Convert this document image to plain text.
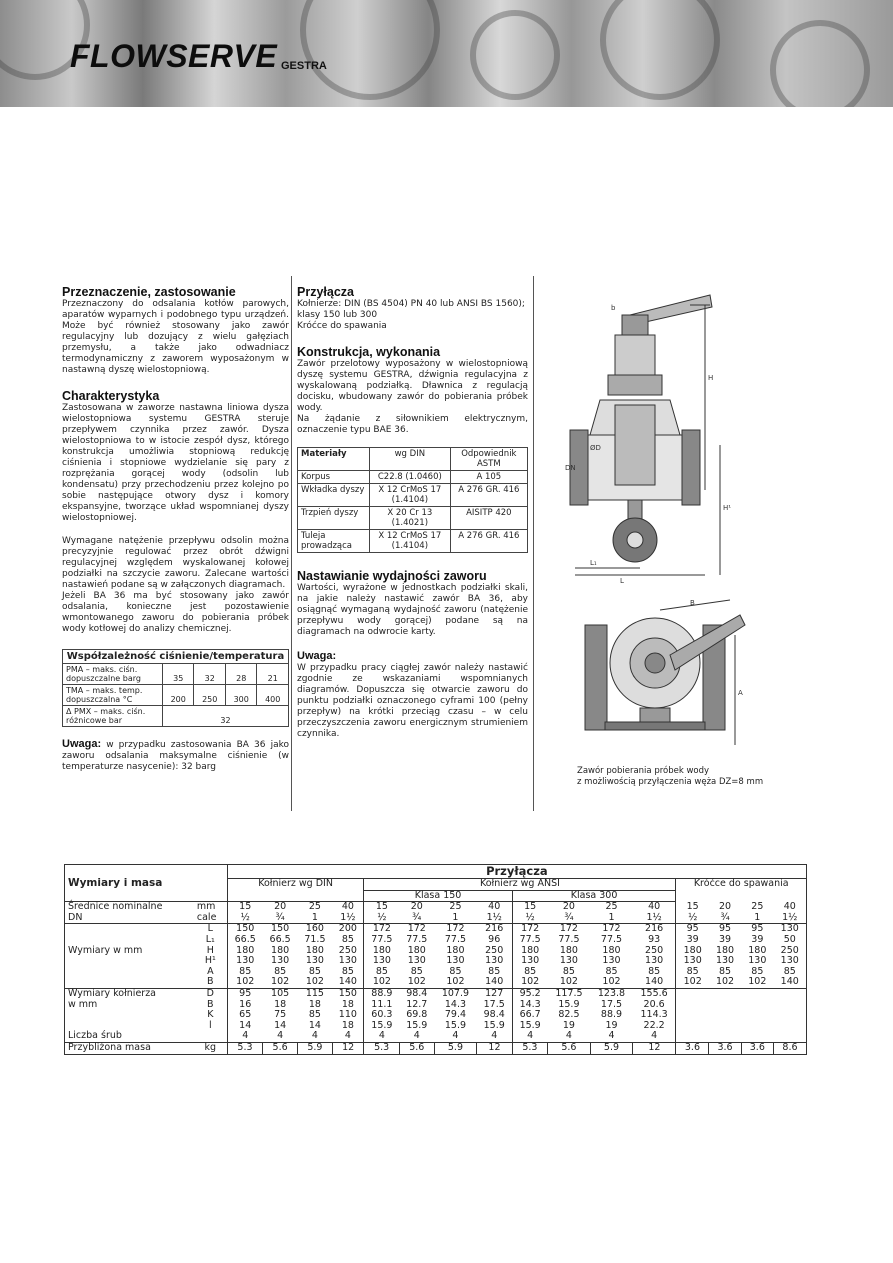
FLOWSERVE GESTRA
Przeznaczenie, zastosowanie
Przeznaczony do odsalania kotłów parowych, aparatów wyparnych i podobnego typu urządzeń. Może być również stosowany jako zawór regulacyjny lub dozujący z wielu gałęziach przemysłu, a także jako odwadniacz termodynamiczny z zaworem wyposażonym w nastawną dyszę wielostopniową.
Charakterystyka
Zastosowana w zaworze nastawna liniowa dysza wielostopniowa systemu GESTRA steruje przepływem czynnika przez zawór. Dysza wielostopniowa to w istocie zespół dysz, którego konstrukcja umożliwia stopniową redukcję ciśnienia i stopniowe wydzielanie się pary z rozprężania gorącej wody (odsolin lub kondensatu) przy przechodzeniu przez kolejno po sobie następujące otwory dysz i komory ekspansyjne, tworzące układ wspomnianej dyszy wielostopniowej.
Wymagane natężenie przepływu odsolin można precyzyjnie regulować przez obrót dźwigni regulacyjnej względem wyskalowanej kołowej podziałki na szczycie zaworu. Zalecane wartości nastawień podane są w załączonych diagramach.
Jeżeli BA 36 ma być stosowany jako zawór odsalania, konieczne jest pozostawienie wmontowanego zaworu do pobierania próbek wody kotłowej do analizy chemicznej.
Współzależność ciśnienie/temperatura				
PMA – maks. ciśn. dopuszczalne barg	35	32	28	21
TMA – maks. temp. dopuszczalna °C	200	250	300	400
Δ PMX – maks. ciśn. różnicowe bar	32			
Uwaga: w przypadku zastosowania BA 36 jako zaworu odsalania maksymalne ciśnienie (w temperaturze nasycenie): 32 barg
Przyłącza
Kołnierze: DIN (BS 4504) PN 40 lub ANSI BS 1560); klasy 150 lub 300
Króćce do spawania
Konstrukcja, wykonania
Zawór przelotowy wyposażony w wielostopniową dyszę systemu GESTRA, dźwignia regulacyjna z wyskalowaną podziałką. Dławnica z regulacją docisku, wbudowany zawór do pobierania próbek wody.
Na żądanie z siłownikiem elektrycznym, oznaczenie typu BAE 36.
Materiały	wg DIN	Odpowiednik ASTM
Korpus	C22.8 (1.0460)	A 105
Wkładka dyszy	X 12 CrMoS 17 (1.4104)	A 276 GR. 416
Trzpień dyszy	X 20 Cr 13 (1.4021)	AISITP 420
Tuleja prowadząca	X 12 CrMoS 17 (1.4104)	A 276 GR. 416
Nastawianie wydajności zaworu
Wartości, wyrażone w jednostkach podziałki skali, na jakie należy nastawić zawór BA 36, aby osiągnąć wymaganą wydajność zaworu (natężenie przepływu wody gorącej) podane są na diagramach na odwrocie karty.
Uwaga:
W przypadku pracy ciągłej zawór należy nastawić zgodnie ze wskazaniami wspomnianych diagramów. Dopuszcza się otwarcie zaworu do punktu podziałki oznaczonego cyframi 100 (pełny przepływ) na krótki przeciąg czasu – w celu przeczyszczenia zaworu energicznym strumieniem czynnika.
b
H
H¹
DN
ØD
L
L₁
A
B
Zawór pobierania próbek wody
z możliwością przyłączenia węża DZ=8 mm
Wymiary i masa		Przyłącza															
		Kołnierz wg DIN				Kołnierz wg ANSI								Króćce do spawania			
						Klasa 150				Klasa 300							
Średnice nominalne	mm	15	20	25	40	15	20	25	40	15	20	25	40	15	20	25	40
DN	cale	½	¾	1	1½	½	¾	1	1½	½	¾	1	1½	½	¾	1	1½
	L	150	150	160	200	172	172	172	216	172	172	172	216	95	95	95	130
	L₁	66.5	66.5	71.5	85	77.5	77.5	77.5	96	77.5	77.5	77.5	93	39	39	39	50
Wymiary w mm	H	180	180	180	250	180	180	180	250	180	180	180	250	180	180	180	250
	H¹	130	130	130	130	130	130	130	130	130	130	130	130	130	130	130	130
	A	85	85	85	85	85	85	85	85	85	85	85	85	85	85	85	85
	B	102	102	102	140	102	102	102	140	102	102	102	140	102	102	102	140
Wymiary kołnierza	D	95	105	115	150	88.9	98.4	107.9	127	95.2	117.5	123.8	155.6				
w mm	B	16	18	18	18	11.1	12.7	14.3	17.5	14.3	15.9	17.5	20.6				
	K	65	75	85	110	60.3	69.8	79.4	98.4	66.7	82.5	88.9	114.3				
	l	14	14	14	18	15.9	15.9	15.9	15.9	15.9	19	19	22.2				
Liczba śrub		4	4	4	4	4	4	4	4	4	4	4	4				
Przybliżona masa	kg	5.3	5.6	5.9	12	5.3	5.6	5.9	12	5.3	5.6	5.9	12	3.6	3.6	3.6	8.6
